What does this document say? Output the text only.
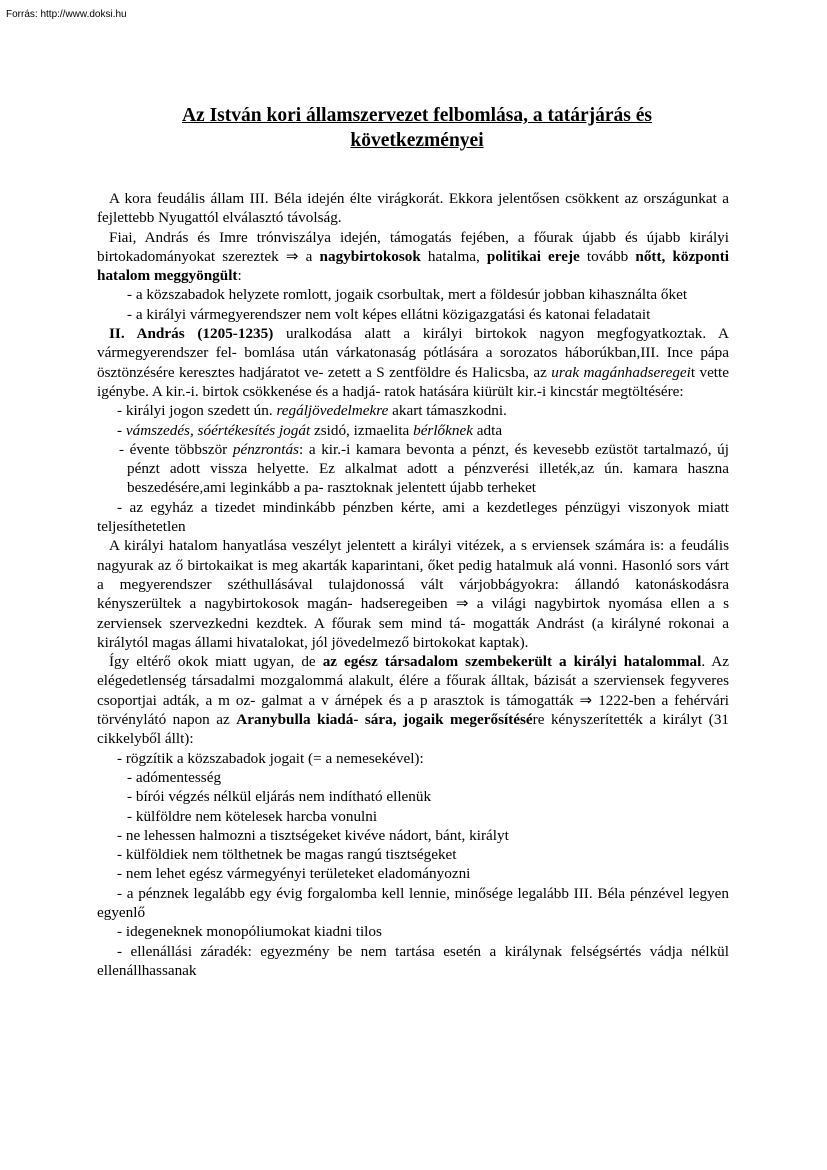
Forrás: http://www.doksi.hu
Az István kori államszervezet felbomlása, a tatárjárás és
következményei

A kora feudális állam III. Béla idején élte virágkorát. Ekkora jelentősen csökkent az országunkat a fejlettebb Nyugattól elválasztó távolság.

Fiai, András és Imre trónviszálya idején, támogatás fejében, a főurak újabb és újabb királyi birtokadományokat szereztek ⇒ a nagybirtokosok hatalma, politikai ereje tovább nőtt, központi hatalom meggyöngült:

- a közszabadok helyzete romlott, jogaik csorbultak, mert a földesúr jobban kihasználta őket

- a királyi vármegyerendszer nem volt képes ellátni közigazgatási és katonai feladatait

II. András (1205-1235) uralkodása alatt a királyi birtokok nagyon megfogyatkoztak. A vármegyerendszer fel- bomlása után várkatonaság pótlására a sorozatos háborúkban,III. Ince pápa ösztönzésére keresztes hadjáratot ve- zetett a S zentföldre és Halicsba, az urak magánhadseregeit vette igénybe. A kir.-i. birtok csökkenése és a hadjá- ratok hatására kiürült kir.-i kincstár megtöltésére:

- királyi jogon szedett ún. regáljövedelmekre akart támaszkodni.

- vámszedés, sóértékesítés jogát zsidó, izmaelita bérlőknek adta

- évente többször pénzrontás: a kir.-i kamara bevonta a pénzt, és kevesebb ezüstöt tartalmazó, új pénzt adott vissza helyette. Ez alkalmat adott a pénzverési illeték,az ún. kamara haszna beszedésére,ami leginkább a pa- rasztoknak jelentett újabb terheket

- az egyház a tizedet mindinkább pénzben kérte, ami a kezdetleges pénzügyi viszonyok miatt teljesíthetetlen

A királyi hatalom hanyatlása veszélyt jelentett a királyi vitézek, a s erviensek számára is: a feudális nagyurak az ő birtokaikat is meg akarták kaparintani, őket pedig hatalmuk alá vonni. Hasonló sors várt a megyerendszer széthullásával tulajdonossá vált várjobbágyokra: állandó katonáskodásra kényszerültek a nagybirtokosok magán- hadseregeiben ⇒ a világi nagybirtok nyomása ellen a s zerviensek szervezkedni kezdtek. A főurak sem mind tá- mogatták Andrást (a királyné rokonai a királytól magas állami hivatalokat, jól jövedelmező birtokokat kaptak).

Így eltérő okok miatt ugyan, de az egész társadalom szembekerült a királyi hatalommal. Az elégedetlenség társadalmi mozgalommá alakult, élére a főurak álltak, bázisát a szerviensek fegyveres csoportjai adták, a m oz- galmat a v árnépek és a p arasztok is támogatták ⇒ 1222-ben a fehérvári törvénylátó napon az Aranybulla kiadá- sára, jogaik megerősítésére kényszerítették a királyt (31 cikkelyből állt):

- rögzítik a közszabadok jogait (= a nemesekével):

- adómentesség

- bírói végzés nélkül eljárás nem indítható ellenük

- külföldre nem kötelesek harcba vonulni

- ne lehessen halmozni a tisztségeket kivéve nádort, bánt, királyt

- külföldiek nem tölthetnek be magas rangú tisztségeket

- nem lehet egész vármegyényi területeket eladományozni

- a pénznek legalább egy évig forgalomba kell lennie, minősége legalább III. Béla pénzével legyen egyenlő

- idegeneknek monopóliumokat kiadni tilos

- ellenállási záradék: egyezmény be nem tartása esetén a királynak felségsértés vádja nélkül ellenállhassanak
